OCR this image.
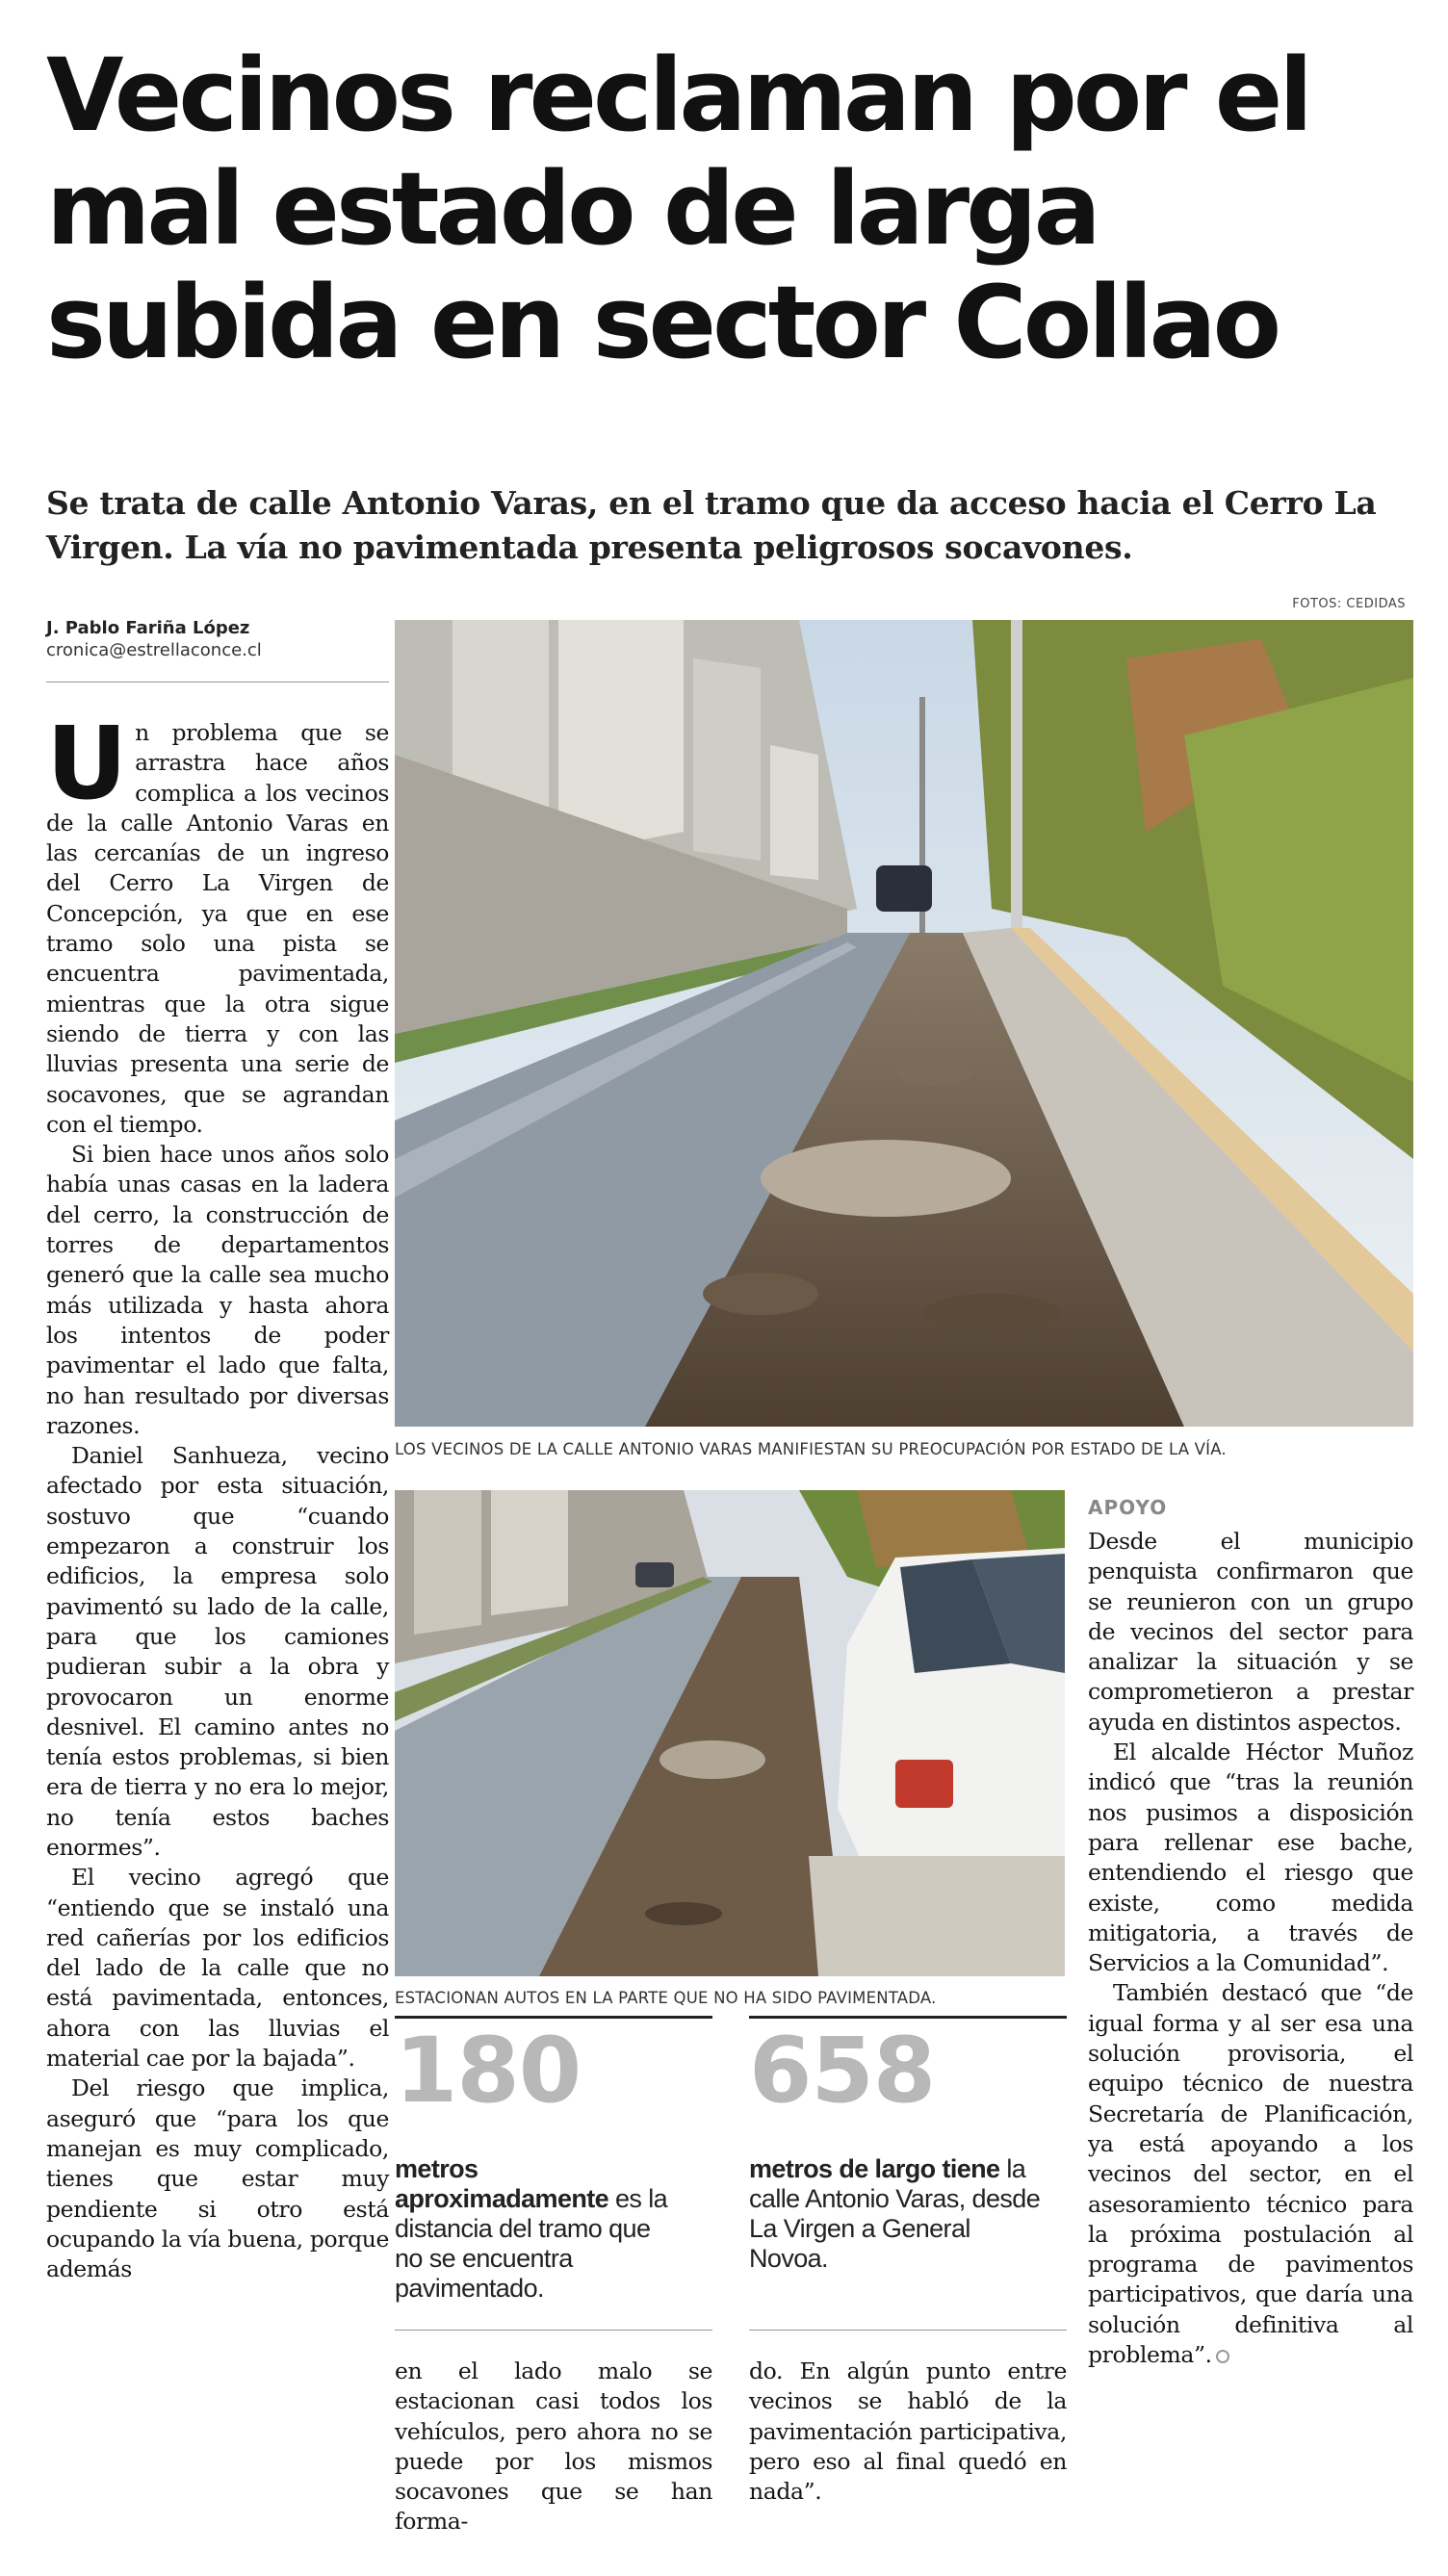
Vecinos reclaman por el mal estado de larga subida en sector Collao

Se trata de calle Antonio Varas, en el tramo que da acceso hacia el Cerro La Virgen. La vía no pavimentada presenta peligrosos socavones.

FOTOS: CEDIDAS
J. Pablo Fariña López
cronica@estrellaconce.cl

Un problema que se arrastra hace años complica a los vecinos de la calle Antonio Varas en las cercanías de un ingreso del Cerro La Virgen de Concepción, ya que en ese tramo solo una pista se encuentra pavimentada, mientras que la otra sigue siendo de tierra y con las lluvias presenta una serie de socavones, que se agrandan con el tiempo.

Si bien hace unos años solo había unas casas en la ladera del cerro, la construcción de torres de departamentos generó que la calle sea mucho más utilizada y hasta ahora los intentos de poder pavimentar el lado que falta, no han resultado por diversas razones.

Daniel Sanhueza, vecino afectado por esta situación, sostuvo que “cuando empezaron a construir los edificios, la empresa solo pavimentó su lado de la calle, para que los camiones pudieran subir a la obra y provocaron un enorme desnivel. El camino antes no tenía estos problemas, si bien era de tierra y no era lo mejor, no tenía estos baches enormes”.

El vecino agregó que “entiendo que se instaló una red cañerías por los edificios del lado de la calle que no está pavimentada, entonces, ahora con las lluvias el material cae por la bajada”.

Del riesgo que implica, aseguró que “para los que manejan es muy complicado, tienes que estar muy pendiente si otro está ocupando la vía buena, porque además

LOS VECINOS DE LA CALLE ANTONIO VARAS MANIFIESTAN SU PREOCUPACIÓN POR ESTADO DE LA VÍA.
ESTACIONAN AUTOS EN LA PARTE QUE NO HA SIDO PAVIMENTADA.
APOYO

Desde el municipio penquista confirmaron que se reunieron con un grupo de vecinos del sector para analizar la situación y se comprometieron a prestar ayuda en distintos aspectos.

El alcalde Héctor Muñoz indicó que “tras la reunión nos pusimos a disposición para rellenar ese bache, entendiendo el riesgo que existe, como medida mitigatoria, a través de Servicios a la Comunidad”.

También destacó que “de igual forma y al ser esa una solución provisoria, el equipo técnico de nuestra Secretaría de Planificación, ya está apoyando a los vecinos del sector, en el asesoramiento técnico para la próxima postulación al programa de pavimentos participativos, que daría una solución definitiva al problema”.

180
metros aproximadamente es la distancia del tramo que no se encuentra pavimentado.
658
metros de largo tiene la calle Antonio Varas, desde La Virgen a General Novoa.

en el lado malo se estacionan casi todos los vehículos, pero ahora no se puede por los mismos socavones que se han forma-

do. En algún punto entre vecinos se habló de la pavimentación participativa, pero eso al final quedó en nada”.
